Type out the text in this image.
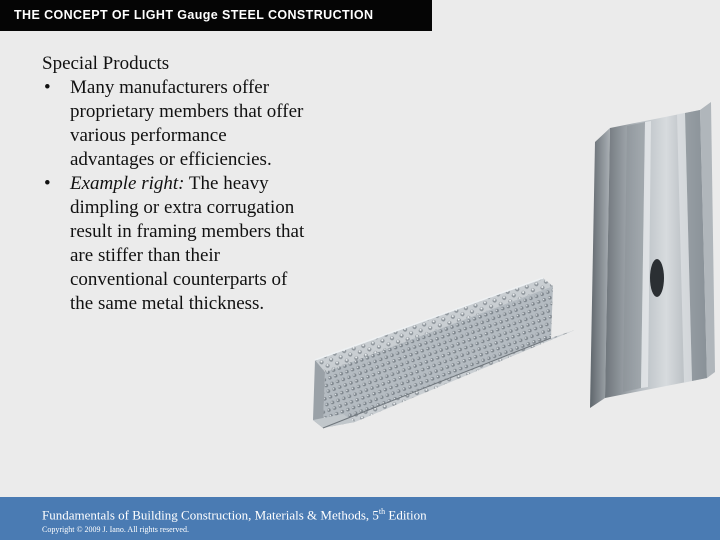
THE CONCEPT OF LIGHT Gauge STEEL CONSTRUCTION
Special Products
• Many manufacturers offer proprietary members that offer various performance advantages or efficiencies.
• Example right: The heavy dimpling or extra corrugation result in framing members that are stiffer than their conventional counterparts of the same metal thickness.
Fundamentals of Building Construction, Materials & Methods, 5th Edition
Copyright © 2009 J. Iano. All rights reserved.
